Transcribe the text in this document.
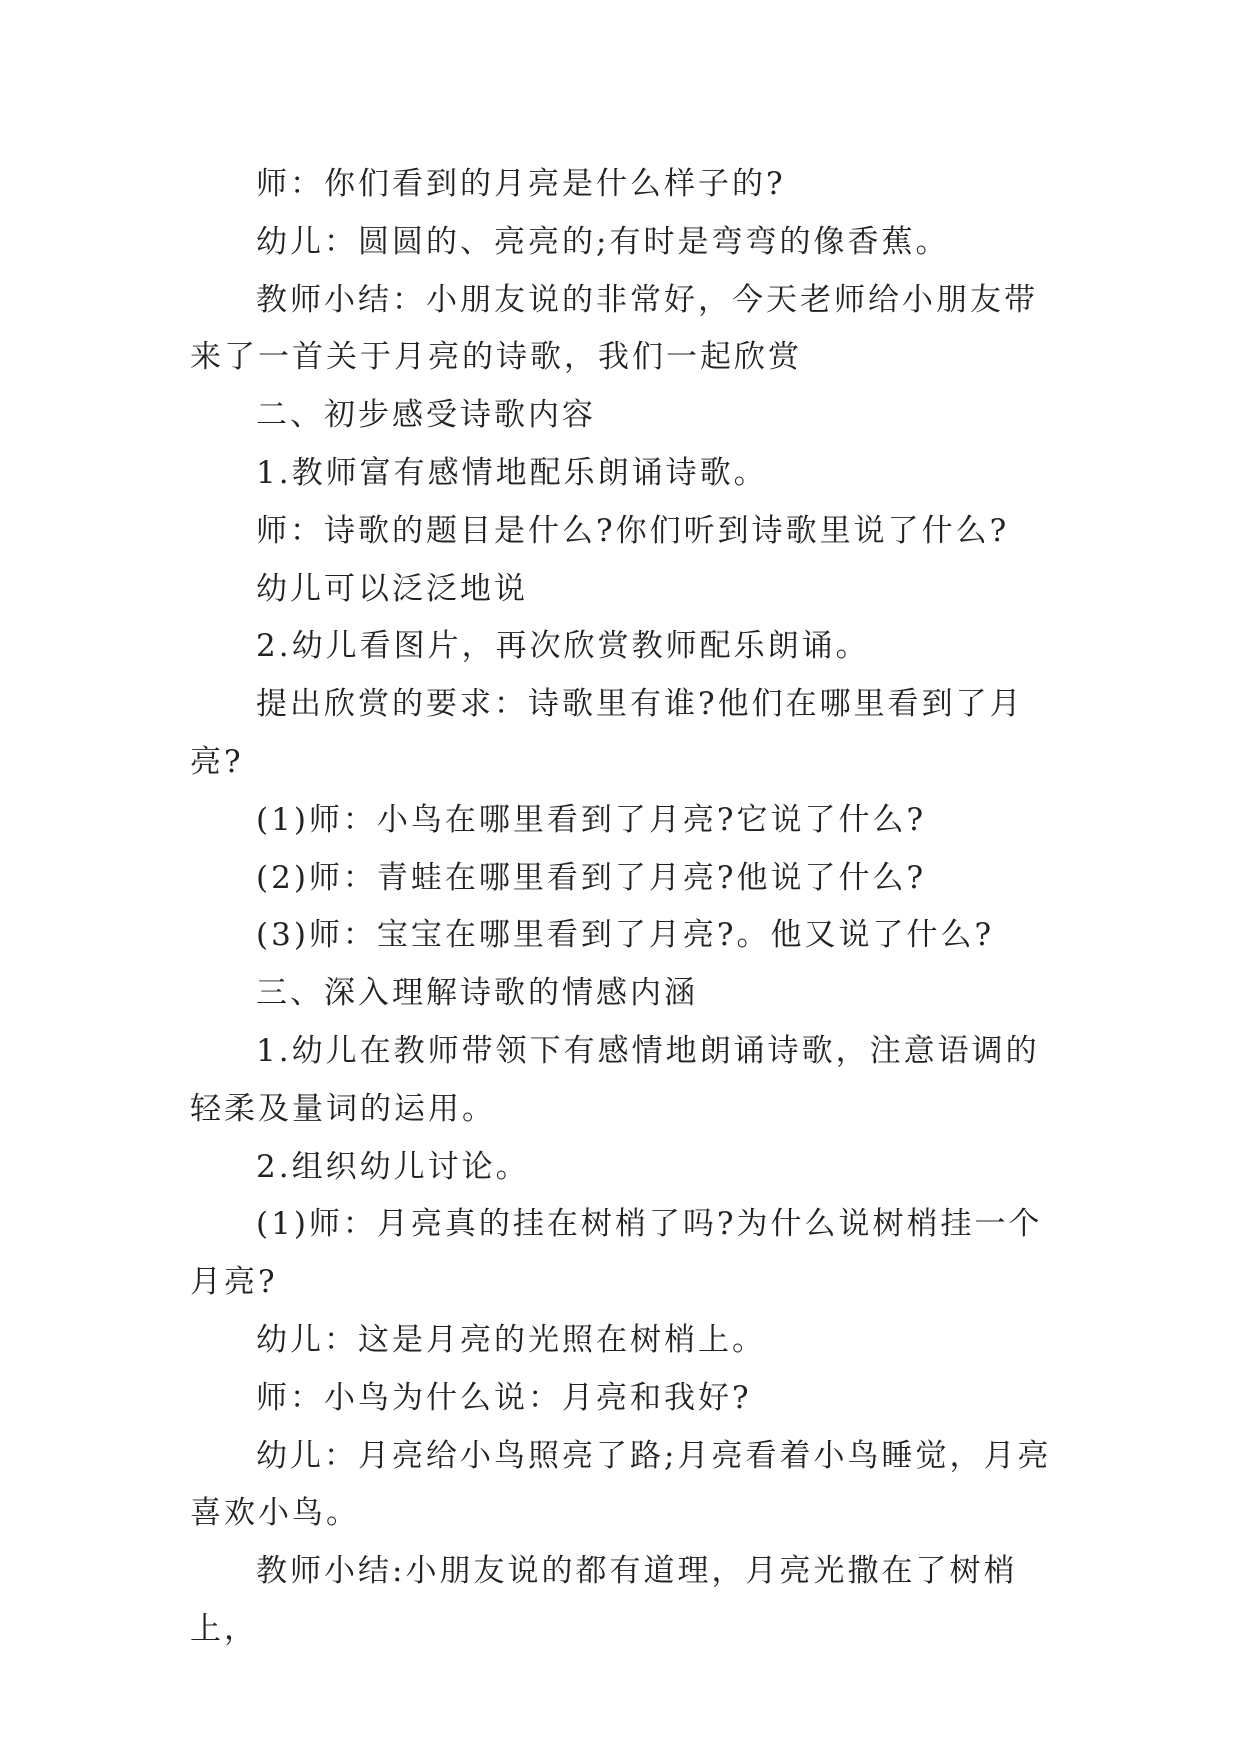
师：你们看到的月亮是什么样子的?

幼儿：圆圆的、亮亮的;有时是弯弯的像香蕉。

教师小结：小朋友说的非常好，今天老师给小朋友带来了一首关于月亮的诗歌，我们一起欣赏

二、初步感受诗歌内容

1.教师富有感情地配乐朗诵诗歌。

师：诗歌的题目是什么?你们听到诗歌里说了什么?

幼儿可以泛泛地说

2.幼儿看图片，再次欣赏教师配乐朗诵。

提出欣赏的要求：诗歌里有谁?他们在哪里看到了月亮?

(1)师：小鸟在哪里看到了月亮?它说了什么?

(2)师：青蛙在哪里看到了月亮?他说了什么?

(3)师：宝宝在哪里看到了月亮?。他又说了什么?

三、深入理解诗歌的情感内涵

1.幼儿在教师带领下有感情地朗诵诗歌，注意语调的轻柔及量词的运用。

2.组织幼儿讨论。

(1)师：月亮真的挂在树梢了吗?为什么说树梢挂一个月亮?

幼儿：这是月亮的光照在树梢上。

师：小鸟为什么说：月亮和我好?

幼儿：月亮给小鸟照亮了路;月亮看着小鸟睡觉，月亮喜欢小鸟。

教师小结:小朋友说的都有道理，月亮光撒在了树梢上，
